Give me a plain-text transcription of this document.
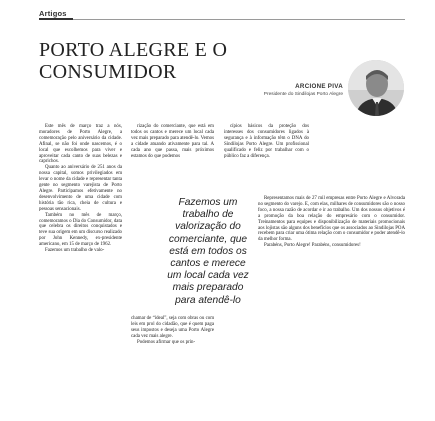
Artigos
PORTO ALEGRE E O CONSUMIDOR
ARCIONE PIVA
Presidente do Sindilojas Porto Alegre

Este mês de março traz a nós, moradores de Porto Alegre, a comemoração pelo aniversário da cidade. Afinal, se não foi onde nascemos, é o local que escolhemos para viver e aproveitar cada canto de suas belezas e caprichos.

Quanto ao aniversário de 251 anos da nossa capital, somos privilegiados em levar o nome da cidade e representar tanta gente no segmento varejista de Porto Alegre. Participamos efetivamente no desenvolvimento de uma cidade com história tão rica, cheia de cultura e pessoas sensacionais.

Também no mês de março, comemoramos o Dia do Consumidor, data que celebra os direitos conquistados e teve sua origem em um discurso realizado por John Kennedy, ex-presidente americano, em 15 de março de 1962.

Fazemos um trabalho de valo-

rização do comerciante, que está em todos os cantos e merece um local cada vez mais preparado para atendê-lo. Vemos a cidade atuando ativamente para tal. A cada ano que passa, mais próximos estamos do que podemos

Fazemos um trabalho de valorização do comerciante, que está em todos os cantos e merece um local cada vez mais preparado para atendê-lo

chamar de “ideal”, seja com obras ou com leis em prol do cidadão, que é quem paga seus impostos e deseja uma Porto Alegre cada vez mais alegre.

Podemos afirmar que os prin-

cípios básicos da proteção dos interesses dos consumidores ligados à segurança e à informação têm o DNA do Sindilojas Porto Alegre. Um profissional qualificado e feliz por trabalhar com o público faz a diferença.

Representamos mais de 27 mil empresas entre Porto Alegre e Alvorada no segmento do varejo. E, com elas, milhares de consumidores são o nosso foco, a nossa razão de acordar e ir ao trabalho. Um dos nossos objetivos é a promoção da boa relação do empresário com o consumidor. Treinamentos para equipes e disponibilização de materiais promocionais aos lojistas são alguns dos benefícios que os associados ao Sindilojas POA recebem para criar uma ótima relação com o consumidor e poder atendê-lo da melhor forma.

Parabéns, Porto Alegre! Parabéns, consumidores!
